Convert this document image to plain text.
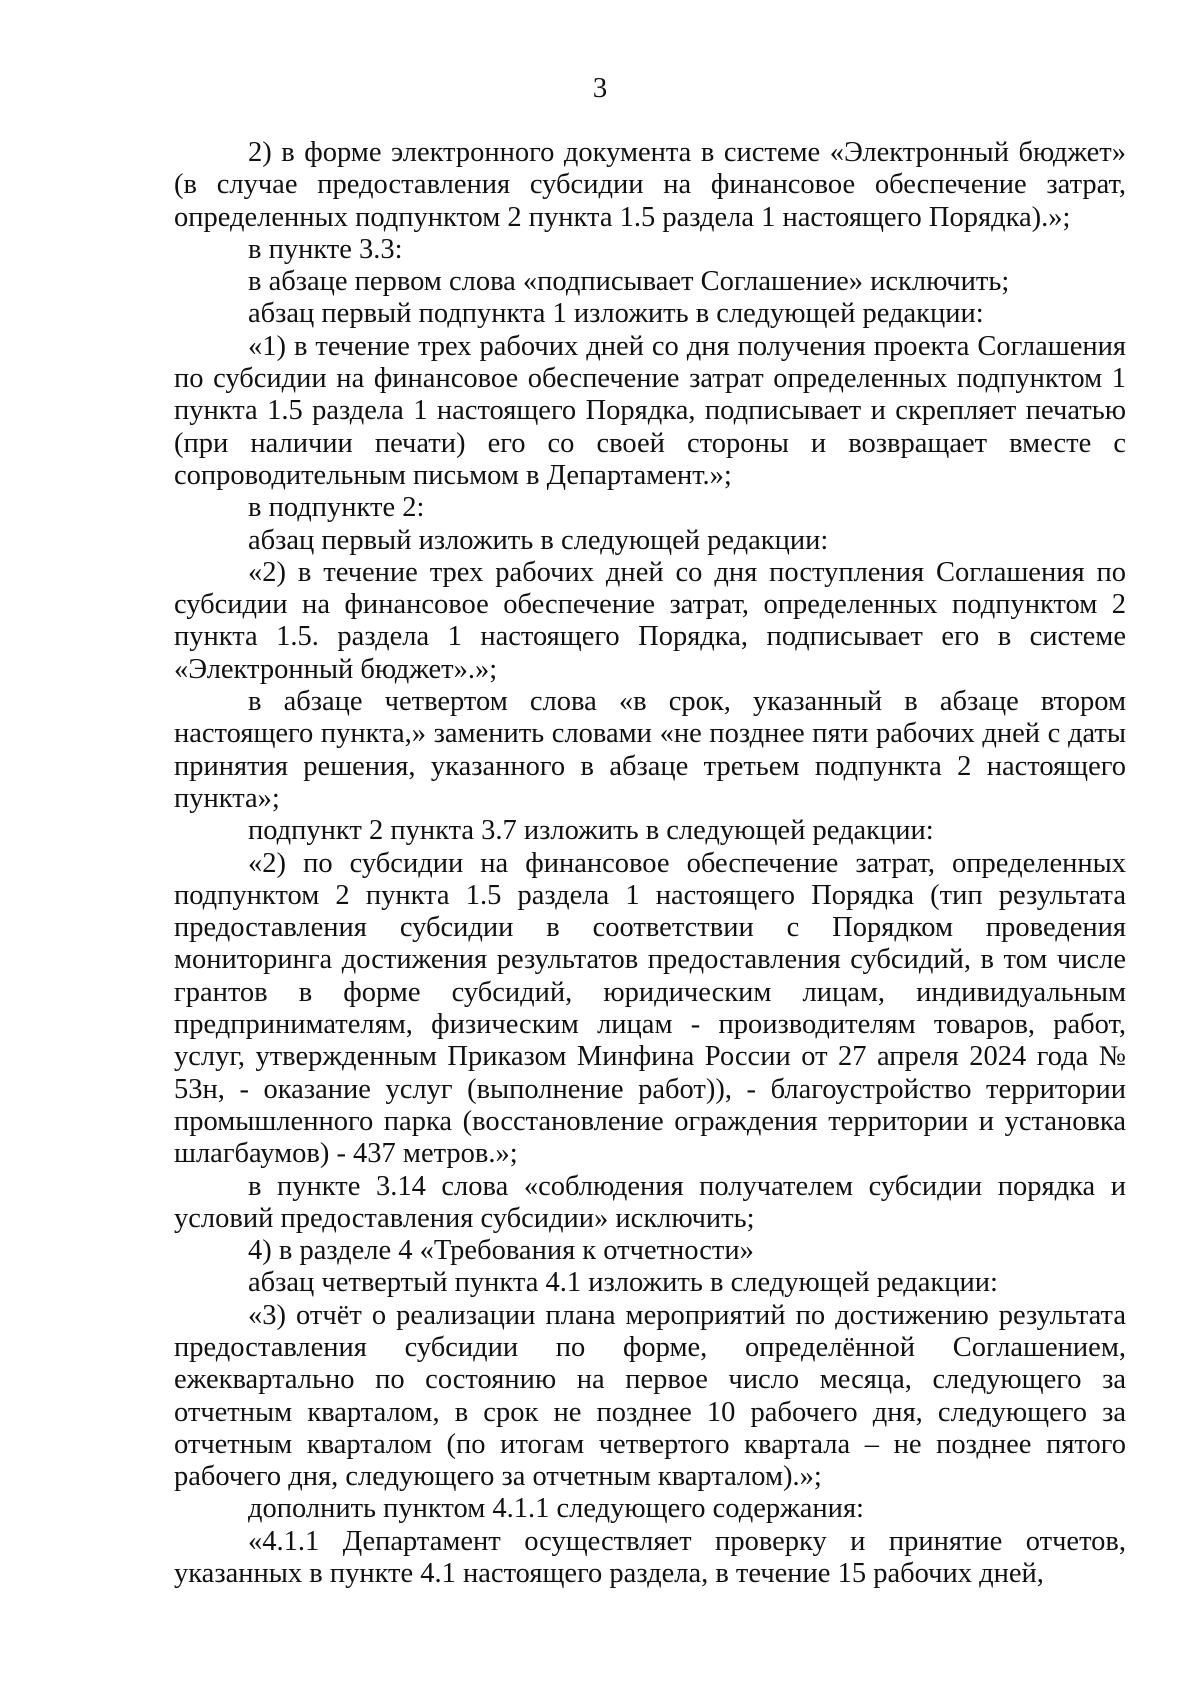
3

2) в форме электронного документа в системе «Электронный бюджет» (в случае предоставления субсидии на финансовое обеспечение затрат, определенных подпунктом 2 пункта 1.5 раздела 1 настоящего Порядка).»;

в пункте 3.3:

в абзаце первом слова «подписывает Соглашение» исключить;

абзац первый подпункта 1 изложить в следующей редакции:

«1) в течение трех рабочих дней со дня получения проекта Соглашения по субсидии на финансовое обеспечение затрат определенных подпунктом 1 пункта 1.5 раздела 1 настоящего Порядка, подписывает и скрепляет печатью (при наличии печати) его со своей стороны и возвращает вместе с сопроводительным письмом в Департамент.»;

в подпункте 2:

абзац первый изложить в следующей редакции:

«2) в течение трех рабочих дней со дня поступления Соглашения по субсидии на финансовое обеспечение затрат, определенных подпунктом 2 пункта 1.5. раздела 1 настоящего Порядка, подписывает его в системе «Электронный бюджет».»;

в абзаце четвертом слова «в срок, указанный в абзаце втором настоящего пункта,» заменить словами «не позднее пяти рабочих дней с даты принятия решения, указанного в абзаце третьем подпункта 2 настоящего пункта»;

подпункт 2 пункта 3.7 изложить в следующей редакции:

«2) по субсидии на финансовое обеспечение затрат, определенных подпунктом 2 пункта 1.5 раздела 1 настоящего Порядка (тип результата предоставления субсидии в соответствии с Порядком проведения мониторинга достижения результатов предоставления субсидий, в том числе грантов в форме субсидий, юридическим лицам, индивидуальным предпринимателям, физическим лицам - производителям товаров, работ, услуг, утвержденным Приказом Минфина России от 27 апреля 2024 года № 53н, - оказание услуг (выполнение работ)), - благоустройство территории промышленного парка (восстановление ограждения территории и установка шлагбаумов) - 437 метров.»;

в пункте 3.14 слова «соблюдения получателем субсидии порядка и условий предоставления субсидии» исключить;

4) в разделе 4 «Требования к отчетности»

абзац четвертый пункта 4.1 изложить в следующей редакции:

«3) отчёт о реализации плана мероприятий по достижению результата предоставления субсидии по форме, определённой Соглашением, ежеквартально по состоянию на первое число месяца, следующего за отчетным кварталом, в срок не позднее 10 рабочего дня, следующего за отчетным кварталом (по итогам четвертого квартала – не позднее пятого рабочего дня, следующего за отчетным кварталом).»;

дополнить пунктом 4.1.1 следующего содержания:

«4.1.1 Департамент осуществляет проверку и принятие отчетов, указанных в пункте 4.1 настоящего раздела, в течение 15 рабочих дней,
